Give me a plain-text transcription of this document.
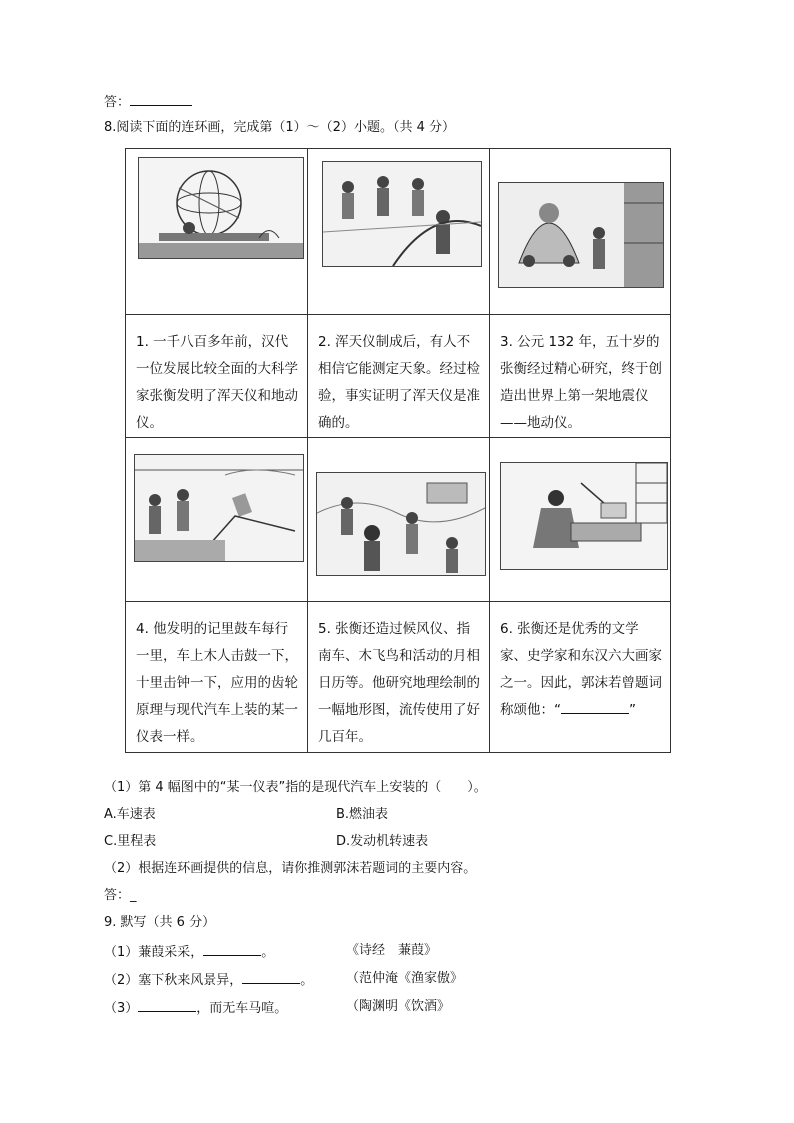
答：
8.阅读下面的连环画，完成第（1）～（2）小题。（共 4 分）

1. 一千八百多年前，汉代一位发展比较全面的大科学家张衡发明了浑天仪和地动仪。	2. 浑天仪制成后，有人不相信它能测定天象。经过检验，事实证明了浑天仪是准确的。	3. 公元 132 年，五十岁的张衡经过精心研究，终于创造出世界上第一架地震仪——地动仪。

4. 他发明的记里鼓车每行一里，车上木人击鼓一下，十里击钟一下，应用的齿轮原理与现代汽车上装的某一仪表一样。	5. 张衡还造过候风仪、指南车、木飞鸟和活动的月相日历等。他研究地理绘制的一幅地形图，流传使用了好几百年。	6. 张衡还是优秀的文学家、史学家和东汉六大画家之一。因此，郭沫若曾题词称颂他：“ ”
（1）第 4 幅图中的“某一仪表”指的是现代汽车上安装的（　　）。
A.车速表	B.燃油表
C.里程表	D.发动机转速表
（2）根据连环画提供的信息，请你推测郭沫若题词的主要内容。
答：_
9. 默写（共 6 分）
（1）蒹葭采采，	。	《诗经　蒹葭》
（2）塞下秋来风景异，	。	（范仲淹《渔家傲》
（3）	，而无车马喧。	（陶渊明《饮酒》
